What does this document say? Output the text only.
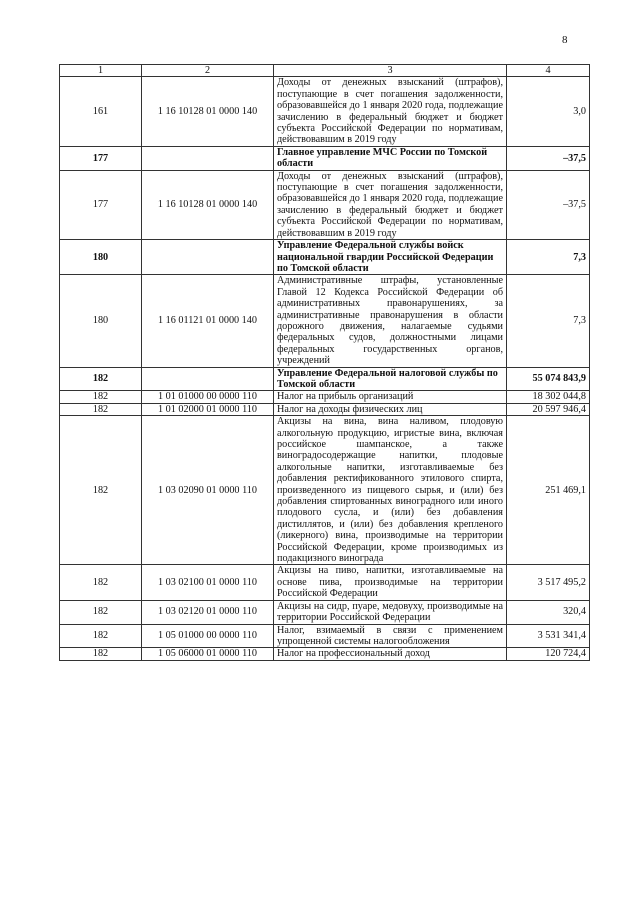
8
1	2	3	4
161	1 16 10128 01 0000 140	Доходы от денежных взысканий (штрафов), поступающие в счет погашения задолженности, образовавшейся до 1 января 2020 года, подлежащие зачислению в федеральный бюджет и бюджет субъекта Российской Федерации по нормативам, действовавшим в 2019 году	3,0
177		Главное управление МЧС России по Томской области	–37,5
177	1 16 10128 01 0000 140	Доходы от денежных взысканий (штрафов), поступающие в счет погашения задолженности, образовавшейся до 1 января 2020 года, подлежащие зачислению в федеральный бюджет и бюджет субъекта Российской Федерации по нормативам, действовавшим в 2019 году	–37,5
180		Управление Федеральной службы войск национальной гвардии Российской Федерации по Томской области	7,3
180	1 16 01121 01 0000 140	Административные штрафы, установленные Главой 12 Кодекса Российской Федерации об административных правонарушениях, за административные правонарушения в области дорожного движения, налагаемые судьями федеральных судов, должностными лицами федеральных государственных органов, учреждений	7,3
182		Управление Федеральной налоговой службы по Томской области	55 074 843,9
182	1 01 01000 00 0000 110	Налог на прибыль организаций	18 302 044,8
182	1 01 02000 01 0000 110	Налог на доходы физических лиц	20 597 946,4
182	1 03 02090 01 0000 110	Акцизы на вина, вина наливом, плодовую алкогольную продукцию, игристые вина, включая российское шампанское, а также виноградосодержащие напитки, плодовые алкогольные напитки, изготавливаемые без добавления ректификованного этилового спирта, произведенного из пищевого сырья, и (или) без добавления спиртованных виноградного или иного плодового сусла, и (или) без добавления дистиллятов, и (или) без добавления крепленого (ликерного) вина, производимые на территории Российской Федерации, кроме производимых из подакцизного винограда	251 469,1
182	1 03 02100 01 0000 110	Акцизы на пиво, напитки, изготавливаемые на основе пива, производимые на территории Российской Федерации	3 517 495,2
182	1 03 02120 01 0000 110	Акцизы на сидр, пуаре, медовуху, производимые на территории Российской Федерации	320,4
182	1 05 01000 00 0000 110	Налог, взимаемый в связи с применением упрощенной системы налогообложения	3 531 341,4
182	1 05 06000 01 0000 110	Налог на профессиональный доход	120 724,4
